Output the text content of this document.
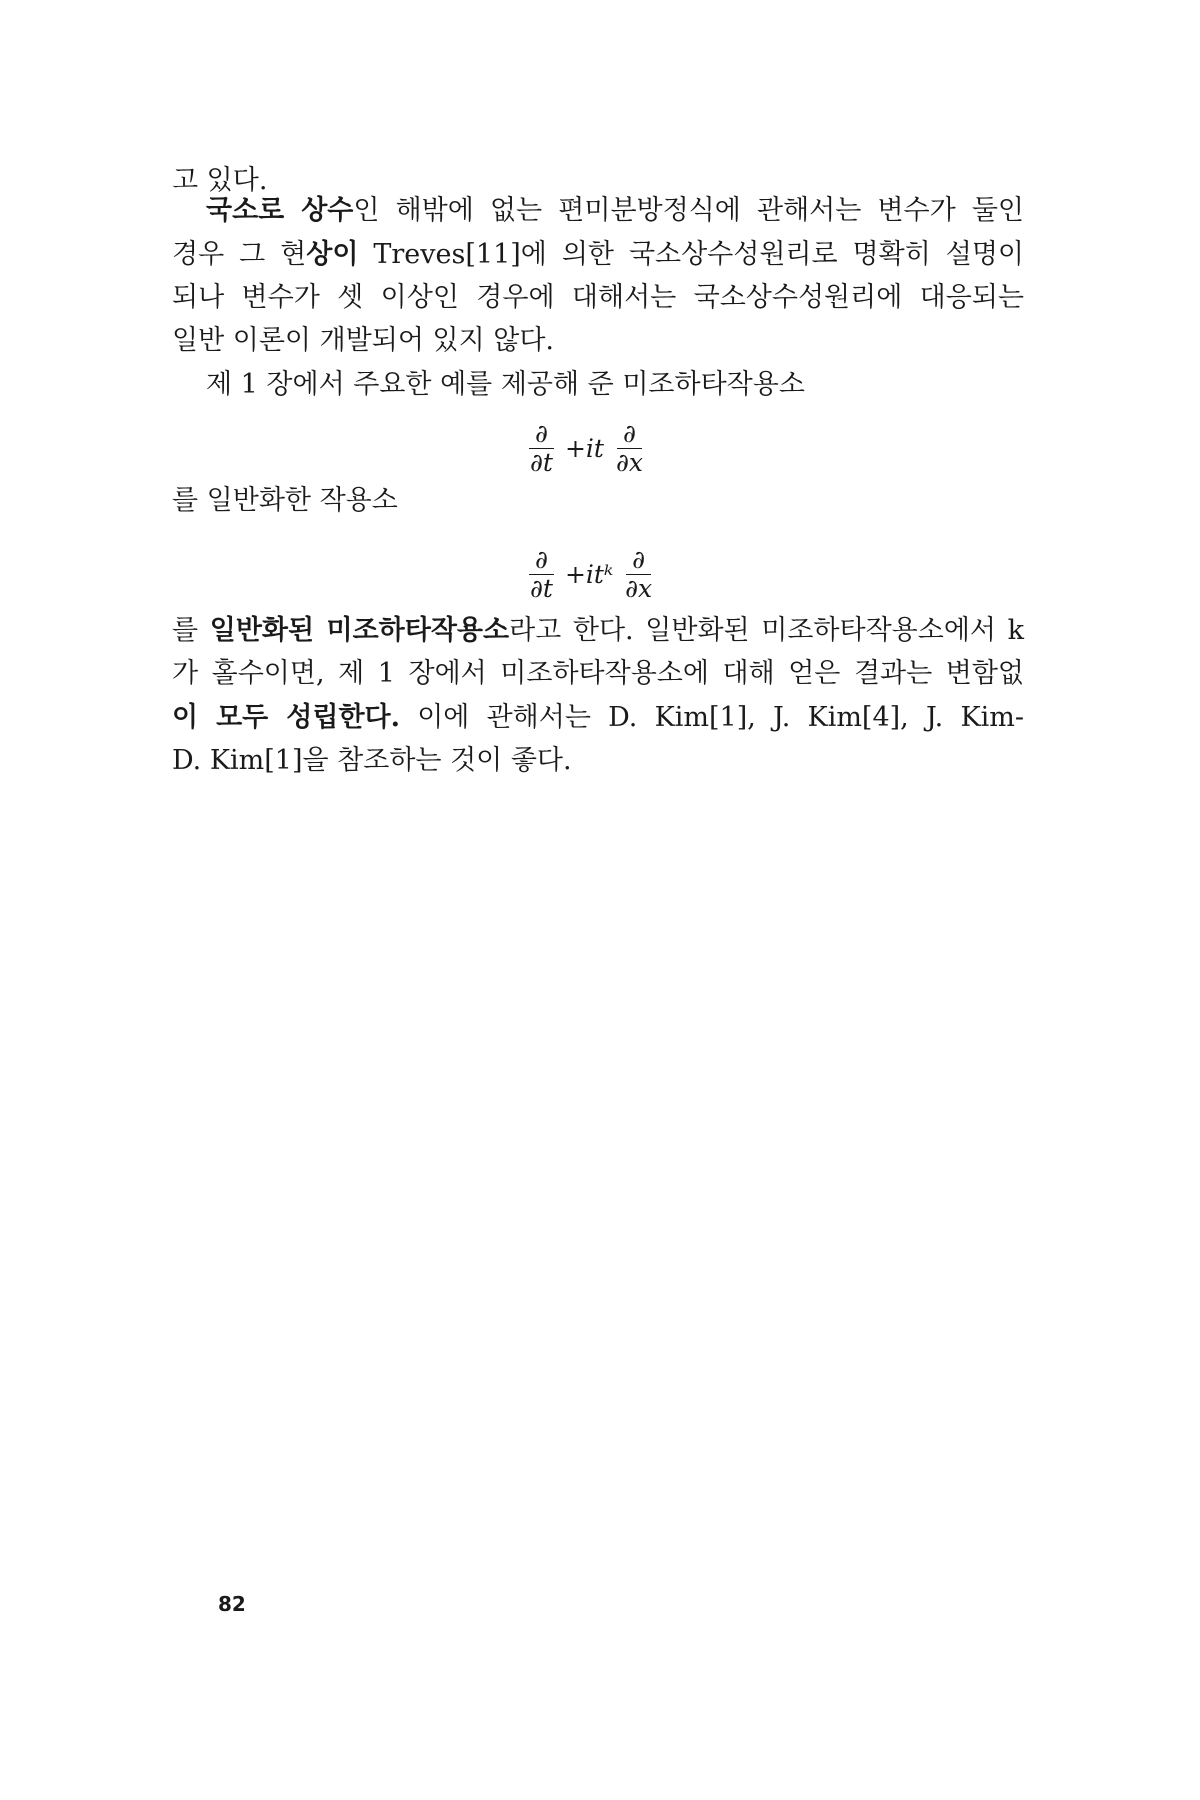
고 있다.
국소로 상수인 해밖에 없는 편미분방정식에 관해서는 변수가 둘인
경우 그 현상이 Treves[11]에 의한 국소상수성원리로 명확히 설명이
되나 변수가 셋 이상인 경우에 대해서는 국소상수성원리에 대응되는
일반 이론이 개발되어 있지 않다.
제 1 장에서 주요한 예를 제공해 준 미조하타작용소
$\frac{\partial}{\partial t} +it \frac{\partial}{\partial x}$
를 일반화한 작용소
$\frac{\partial}{\partial t}$ +itᵏ $\frac{\partial}{\partial x}$
를 일반화된 미조하타작용소라고 한다. 일반화된 미조하타작용소에서 k
가 홀수이면, 제 1 장에서 미조하타작용소에 대해 얻은 결과는 변함없
이 모두 성립한다. 이에 관해서는 D. Kim[1], J. Kim[4], J. Kim-
D. Kim[1]을 참조하는 것이 좋다.
82
